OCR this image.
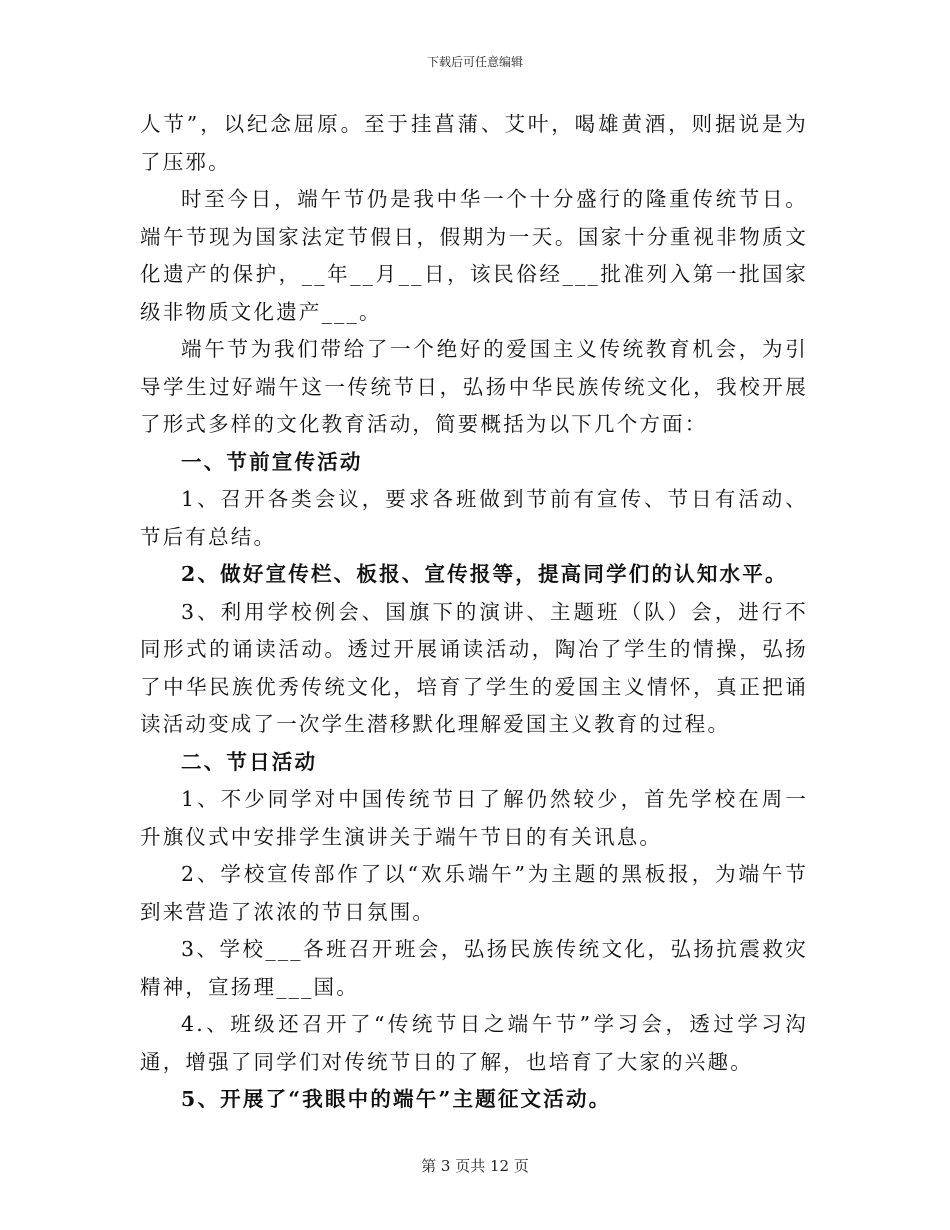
下载后可任意编辑

人节”，以纪念屈原。至于挂菖蒲、艾叶，喝雄黄酒，则据说是为了压邪。

时至今日，端午节仍是我中华一个十分盛行的隆重传统节日。端午节现为国家法定节假日，假期为一天。国家十分重视非物质文化遗产的保护，__年__月__日，该民俗经___批准列入第一批国家级非物质文化遗产___。

端午节为我们带给了一个绝好的爱国主义传统教育机会，为引导学生过好端午这一传统节日，弘扬中华民族传统文化，我校开展了形式多样的文化教育活动，简要概括为以下几个方面：

一、节前宣传活动

1、召开各类会议，要求各班做到节前有宣传、节日有活动、节后有总结。

2、做好宣传栏、板报、宣传报等，提高同学们的认知水平。

3、利用学校例会、国旗下的演讲、主题班（队）会，进行不同形式的诵读活动。透过开展诵读活动，陶冶了学生的情操，弘扬了中华民族优秀传统文化，培育了学生的爱国主义情怀，真正把诵读活动变成了一次学生潜移默化理解爱国主义教育的过程。

二、节日活动

1、不少同学对中国传统节日了解仍然较少，首先学校在周一升旗仪式中安排学生演讲关于端午节日的有关讯息。

2、学校宣传部作了以“欢乐端午”为主题的黑板报，为端午节到来营造了浓浓的节日氛围。

3、学校___各班召开班会，弘扬民族传统文化，弘扬抗震救灾精神，宣扬理___国。

4.、班级还召开了“传统节日之端午节”学习会，透过学习沟通，增强了同学们对传统节日的了解，也培育了大家的兴趣。

5、开展了“我眼中的端午”主题征文活动。

第 3 页共 12 页
